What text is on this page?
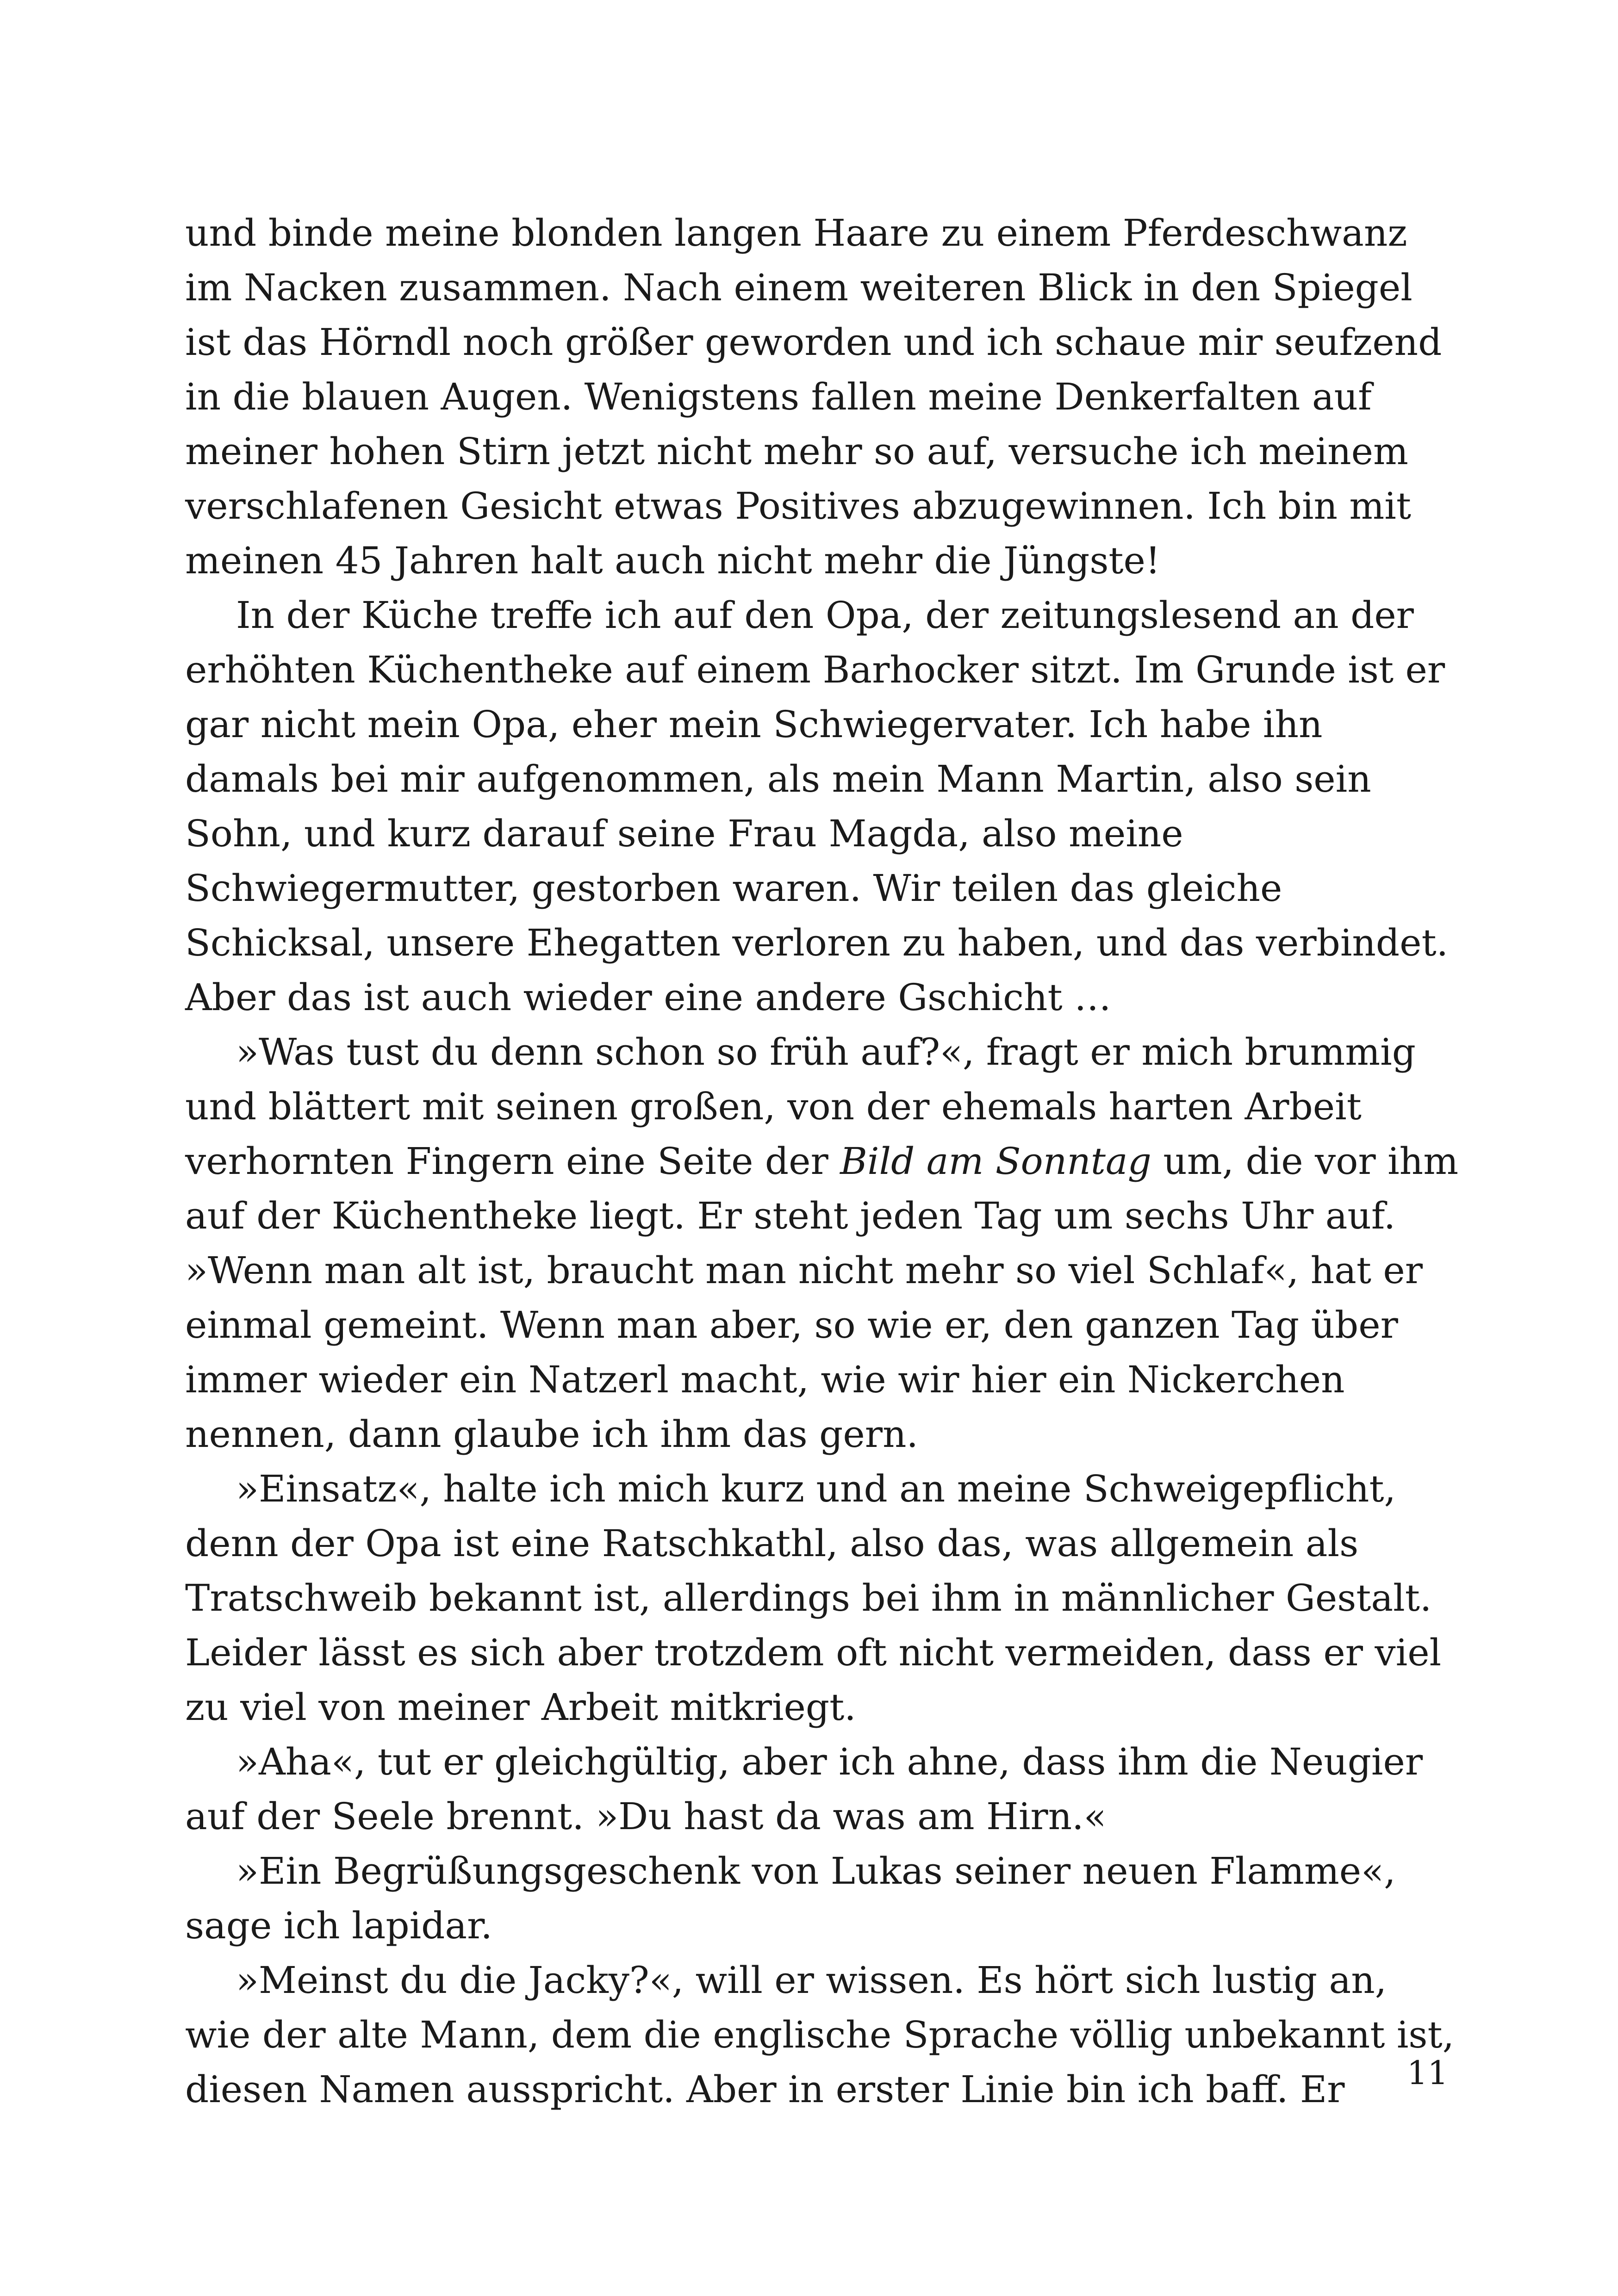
und binde meine blonden langen Haare zu einem Pferdeschwanz
im Nacken zusammen. Nach einem weiteren Blick in den Spiegel
ist das Hörndl noch größer geworden und ich schaue mir seufzend
in die blauen Augen. Wenigstens fallen meine Denkerfalten auf
meiner hohen Stirn jetzt nicht mehr so auf, versuche ich meinem
verschlafenen Gesicht etwas Positives abzugewinnen. Ich bin mit
meinen 45 Jahren halt auch nicht mehr die Jüngste!
In der Küche treffe ich auf den Opa, der zeitungslesend an der
erhöhten Küchentheke auf einem Barhocker sitzt. Im Grunde ist er
gar nicht mein Opa, eher mein Schwiegervater. Ich habe ihn
damals bei mir aufgenommen, als mein Mann Martin, also sein
Sohn, und kurz darauf seine Frau Magda, also meine
Schwiegermutter, gestorben waren. Wir teilen das gleiche
Schicksal, unsere Ehegatten verloren zu haben, und das verbindet.
Aber das ist auch wieder eine andere Gschicht …
»Was tust du denn schon so früh auf?«, fragt er mich brummig
und blättert mit seinen großen, von der ehemals harten Arbeit
verhornten Fingern eine Seite der Bild am Sonntag um, die vor ihm
auf der Küchentheke liegt. Er steht jeden Tag um sechs Uhr auf.
»Wenn man alt ist, braucht man nicht mehr so viel Schlaf«, hat er
einmal gemeint. Wenn man aber, so wie er, den ganzen Tag über
immer wieder ein Natzerl macht, wie wir hier ein Nickerchen
nennen, dann glaube ich ihm das gern.
»Einsatz«, halte ich mich kurz und an meine Schweigepflicht,
denn der Opa ist eine Ratschkathl, also das, was allgemein als
Tratschweib bekannt ist, allerdings bei ihm in männlicher Gestalt.
Leider lässt es sich aber trotzdem oft nicht vermeiden, dass er viel
zu viel von meiner Arbeit mitkriegt.
»Aha«, tut er gleichgültig, aber ich ahne, dass ihm die Neugier
auf der Seele brennt. »Du hast da was am Hirn.«
»Ein Begrüßungsgeschenk von Lukas seiner neuen Flamme«,
sage ich lapidar.
»Meinst du die Jacky?«, will er wissen. Es hört sich lustig an,
wie der alte Mann, dem die englische Sprache völlig unbekannt ist,
diesen Namen ausspricht. Aber in erster Linie bin ich baff. Er	11
